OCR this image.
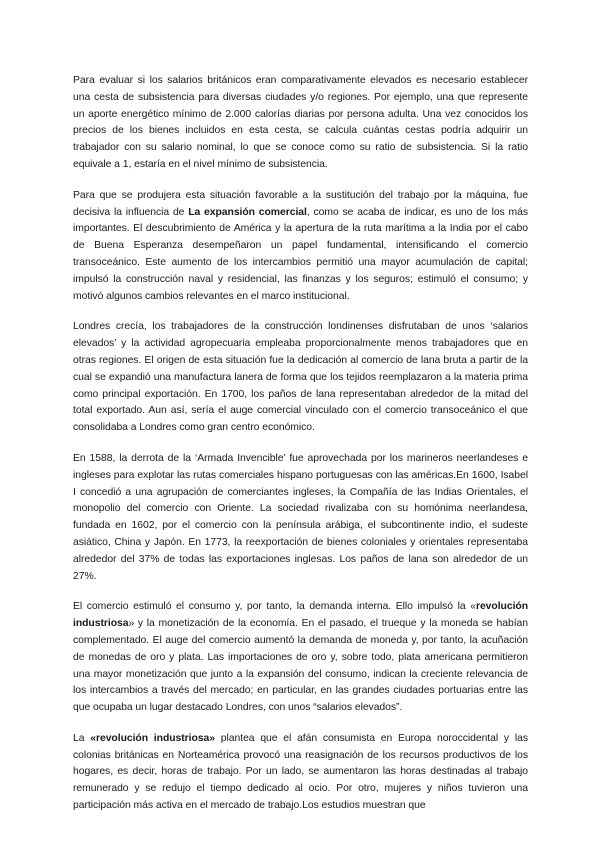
Para evaluar si los salarios británicos eran comparativamente elevados es necesario establecer una cesta de subsistencia para diversas ciudades y/o regiones. Por ejemplo, una que represente un aporte energético mínimo de 2.000 calorías diarias por persona adulta. Una vez conocidos los precios de los bienes incluidos en esta cesta, se calcula cuántas cestas podría adquirir un trabajador con su salario nominal, lo que se conoce como su ratio de subsistencia. Si la ratio equivale a 1, estaría en el nivel mínimo de subsistencia.

Para que se produjera esta situación favorable a la sustitución del trabajo por la máquina, fue decisiva la influencia de La expansión comercial, como se acaba de indicar, es uno de los más importantes. El descubrimiento de América y la apertura de la ruta marítima a la India por el cabo de Buena Esperanza desempeñaron un papel fundamental, intensificando el comercio transoceánico. Este aumento de los intercambios permitió una mayor acumulación de capital; impulsó la construcción naval y residencial, las finanzas y los seguros; estimuló el consumo; y motivó algunos cambios relevantes en el marco institucional.

Londres crecía, los trabajadores de la construcción londinenses disfrutaban de unos ‘salarios elevados’ y la actividad agropecuaria empleaba proporcionalmente menos trabajadores que en otras regiones. El origen de esta situación fue la dedicación al comercio de lana bruta a partir de la cual se expandió una manufactura lanera de forma que los tejidos reemplazaron a la materia prima como principal exportación. En 1700, los paños de lana representaban alrededor de la mitad del total exportado. Aun así, sería el auge comercial vinculado con el comercio transoceánico el que consolidaba a Londres como gran centro económico.

En 1588, la derrota de la ‘Armada Invencible’ fue aprovechada por los marineros neerlandeses e ingleses para explotar las rutas comerciales hispano portuguesas con las américas.En 1600, Isabel I concedió a una agrupación de comerciantes ingleses, la Compañía de las Indias Orientales, el monopolio del comercio con Oriente. La sociedad rivalizaba con su homónima neerlandesa, fundada en 1602, por el comercio con la península arábiga, el subcontinente indio, el sudeste asiático, China y Japón. En 1773, la reexportación de bienes coloniales y orientales representaba alrededor del 37% de todas las exportaciones inglesas. Los paños de lana son alrededor de un 27%.

El comercio estimuló el consumo y, por tanto, la demanda interna. Ello impulsó la «revolución industriosa» y la monetización de la economía. En el pasado, el trueque y la moneda se habían complementado. El auge del comercio aumentó la demanda de moneda y, por tanto, la acuñación de monedas de oro y plata. Las importaciones de oro y, sobre todo, plata americana permitieron una mayor monetización que junto a la expansión del consumo, indican la creciente relevancia de los intercambios a través del mercado; en particular, en las grandes ciudades portuarias entre las que ocupaba un lugar destacado Londres, con unos “salarios elevados”.

La «revolución industriosa» plantea que el afán consumista en Europa noroccidental y las colonias británicas en Norteamérica provocó una reasignación de los recursos productivos de los hogares, es decir, horas de trabajo. Por un lado, se aumentaron las horas destinadas al trabajo remunerado y se redujo el tiempo dedicado al ocio. Por otro, mujeres y niños tuvieron una participación más activa en el mercado de trabajo.Los estudios muestran que
